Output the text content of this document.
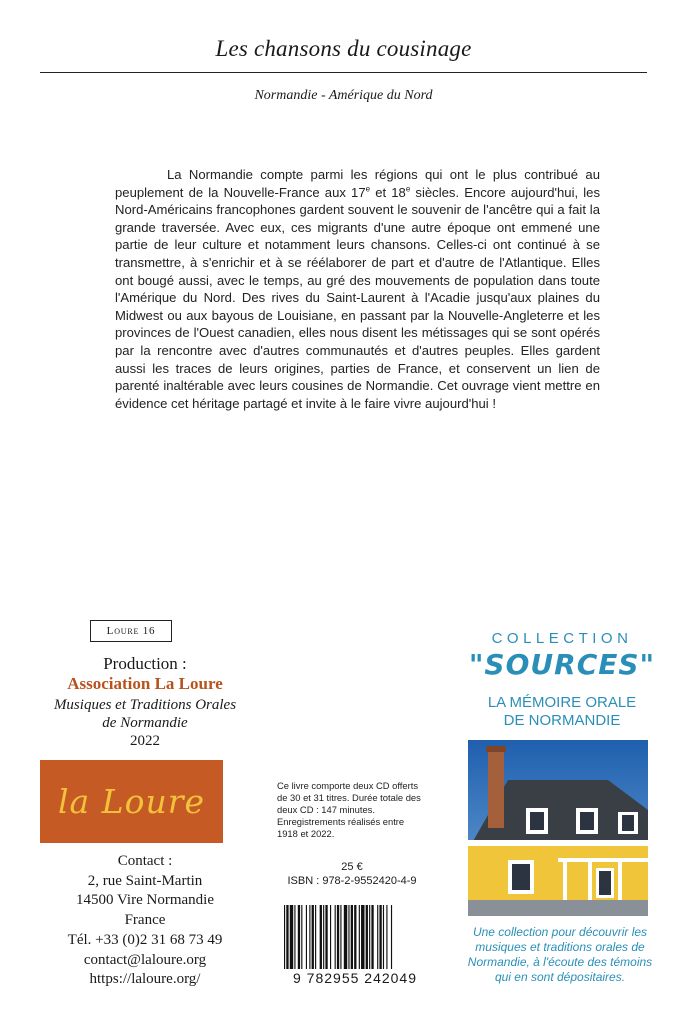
Les chansons du cousinage
Normandie - Amérique du Nord
La Normandie compte parmi les régions qui ont le plus contribué au peuplement de la Nouvelle-France aux 17e et 18e siècles. Encore aujourd'hui, les Nord-Américains francophones gardent souvent le souvenir de l'ancêtre qui a fait la grande traversée. Avec eux, ces migrants d'une autre époque ont emmené une partie de leur culture et notamment leurs chansons. Celles-ci ont continué à se transmettre, à s'enrichir et à se réélaborer de part et d'autre de l'Atlantique. Elles ont bougé aussi, avec le temps, au gré des mouvements de population dans toute l'Amérique du Nord. Des rives du Saint-Laurent à l'Acadie jusqu'aux plaines du Midwest ou aux bayous de Louisiane, en passant par la Nouvelle-Angleterre et les provinces de l'Ouest canadien, elles nous disent les métissages qui se sont opérés par la rencontre avec d'autres communautés et d'autres peuples. Elles gardent aussi les traces de leurs origines, parties de France, et conservent un lien de parenté inaltérable avec leurs cousines de Normandie. Cet ouvrage vient mettre en évidence cet héritage partagé et invite à le faire vivre aujourd'hui !
Loure 16
Production :
Association La Loure
Musiques et Traditions Orales
de Normandie
2022
la Loure
Contact :
2, rue Saint-Martin
14500 Vire Normandie
France
Tél. +33 (0)2 31 68 73 49
contact@laloure.org
https://laloure.org/
Ce livre comporte deux CD offerts de 30 et 31 titres. Durée totale des deux CD : 147 minutes. Enregistrements réalisés entre 1918 et 2022.
25 €
ISBN : 978-2-9552420-4-9
9 782955 242049
COLLECTION
"SOURCES"
LA MÉMOIRE ORALE
DE NORMANDIE
Une collection pour découvrir les musiques et traditions orales de Normandie, à l'écoute des témoins qui en sont dépositaires.
